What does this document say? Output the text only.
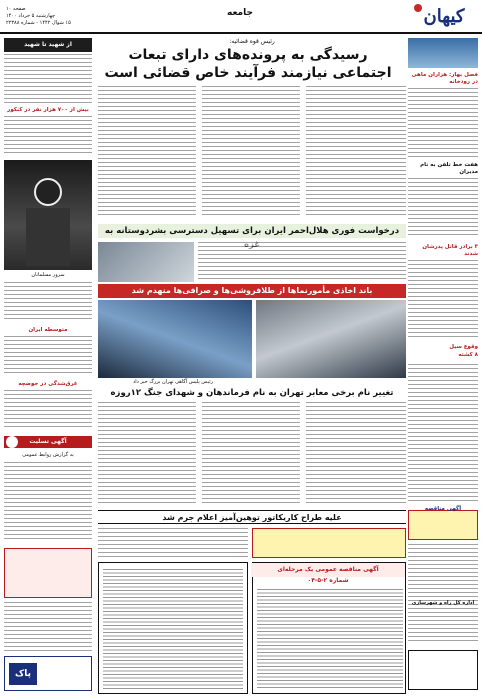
کیهان
جامعه
صفحه ۱۰
چهارشنبه ۵ خرداد ۱۴۰۰
۱۵ شوال ۱۴۴۲ - شماره ۲۲۳۸۸
فصل بهار: هزاران ماهی در رودخانه
هفت خط تلفن به نام مدیران
۳ برادر قاتل پدرشان شدند
وقوع سیل
۸ کشته
از شهید تا شهید
بیش از ۷۰۰ هزار نفر در کنکور
سرور مسلمانان
متوسطه ایران
غرق‌شدگی در حوضچه
آگهی تسلیت
به گزارش روابط عمومی
پاک
رئیس قوه قضائیه:
رسیدگی به پرونده‌های دارای تبعات اجتماعی نیازمند فرآیند خاص قضائی است
درخواست فوری هلال‌احمر ایران برای تسهیل دسترسی بشردوستانه به
باند اخاذی مأمورنماها از طلافروشی‌ها و صرافی‌ها منهدم شد
رئیس پلیس آگاهی تهران بزرگ خبر داد
تغییر نام برخی معابر تهران به نام فرماندهان و شهدای جنگ ۱۲روزه
علیه طراح کاریکاتور توهین‌آمیز اعلام جرم شد
آگهی مناقصه عمومی یک مرحله‌ای
شماره ۲-۵-۰۴
آگهی مناقصه
اداره کل راه و شهرسازی
